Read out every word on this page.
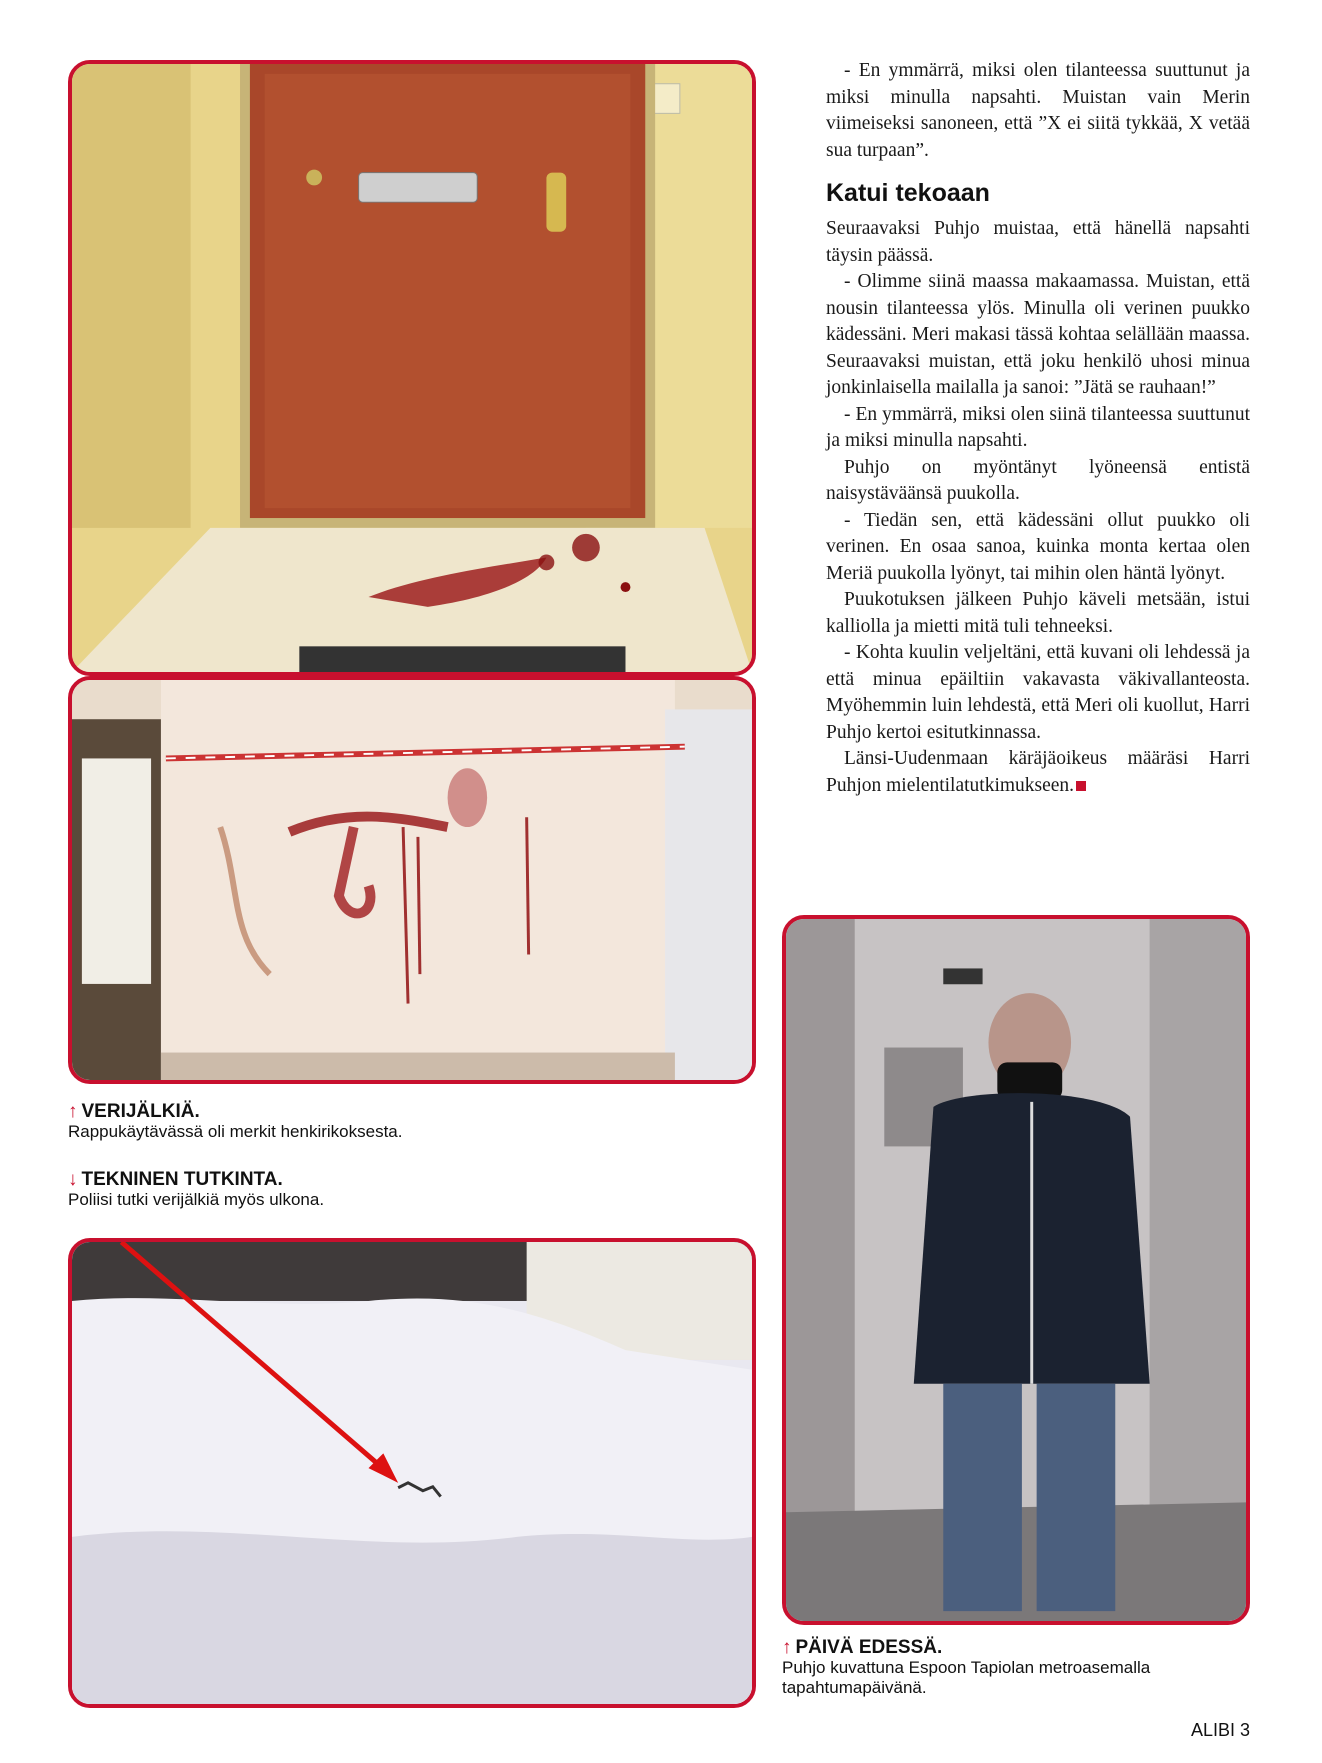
↑ VERIJÄLKIÄ.
Rappukäytävässä oli merkit henkirikoksesta.
↓ TEKNINEN TUTKINTA.
Poliisi tutki verijälkiä myös ulkona.
↑ PÄIVÄ EDESSÄ.
Puhjo kuvattuna Espoon Tapiolan metroasemalla tapahtumapäivänä.

- En ymmärrä, miksi olen tilanteessa suuttunut ja miksi minulla napsahti. Muistan vain Merin viimeiseksi sanoneen, että ”X ei siitä tykkää, X vetää sua turpaan”.

Katui tekoaan

Seuraavaksi Puhjo muistaa, että hänellä napsahti täysin päässä.

- Olimme siinä maassa makaamassa. Muistan, että nousin tilanteessa ylös. Minulla oli verinen puukko kädessäni. Meri makasi tässä kohtaa selällään maassa. Seuraavaksi muistan, että joku henkilö uhosi minua jonkinlaisella mailalla ja sanoi: ”Jätä se rauhaan!”

- En ymmärrä, miksi olen siinä tilanteessa suuttunut ja miksi minulla napsahti.

Puhjo on myöntänyt lyöneensä entistä naisystäväänsä puukolla.

- Tiedän sen, että kädessäni ollut puukko oli verinen. En osaa sanoa, kuinka monta kertaa olen Meriä puukolla lyönyt, tai mihin olen häntä lyönyt.

Puukotuksen jälkeen Puhjo käveli metsään, istui kalliolla ja mietti mitä tuli tehneeksi.

- Kohta kuulin veljeltäni, että kuvani oli lehdessä ja että minua epäiltiin vakavasta väkivallanteosta. Myöhemmin luin lehdestä, että Meri oli kuollut, Harri Puhjo kertoi esitutkinnassa.

Länsi-Uudenmaan käräjäoikeus määräsi Harri Puhjon mielentilatutkimukseen.

ALIBI 3
